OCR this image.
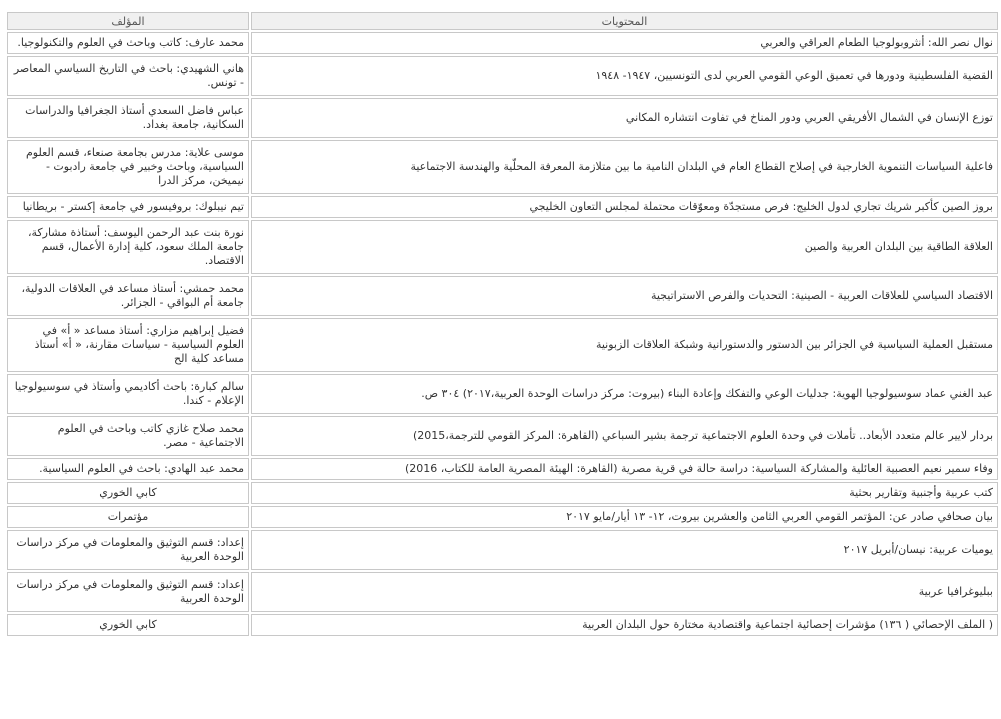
المحتويات	المؤلف
نوال نصر الله: أنثروبولوجيا الطعام العراقي والعربي	محمد عارف: كاتب وباحث في العلوم والتكنولوجيا.
القضية الفلسطينية ودورها في تعميق الوعي القومي العربي لدى التونسيين، ١٩٤٧- ١٩٤٨	هاني الشهيدي: باحث في التاريخ السياسي المعاصر - تونس.
توزع الإنسان في الشمال الأفريقي العربي ودور المناخ في تفاوت انتشاره المكاني	عباس فاضل السعدي أستاذ الجغرافيا والدراسات السكانية، جامعة بغداد.
فاعلية السياسات التنموية الخارجية في إصلاح القطاع العام في البلدان النامية ما بين متلازمة المعرفة المحلّية والهندسة الاجتماعية	موسى علاية: مدرس بجامعة صنعاء، قسم العلوم السياسية، وباحث وخبير في جامعة رادبوت - نيميخن، مركز الدرا
بروز الصين كأكبر شريك تجاري لدول الخليج: فرص مستجدّة ومعوّقات محتملة لمجلس التعاون الخليجي	تيم نيبلوك: بروفيسور في جامعة إكستر - بريطانيا
العلاقة الطاقية بين البلدان العربية والصين	نورة بنت عبد الرحمن اليوسف: أستاذة مشاركة، جامعة الملك سعود، كلية إدارة الأعمال، قسم الاقتصاد.
الاقتصاد السياسي للعلاقات العربية - الصينية: التحديات والفرص الاستراتيجية	محمد حمشي: أستاذ مساعد في العلاقات الدولية، جامعة أم البواقي - الجزائر.
مستقبل العملية السياسية في الجزائر بين الدستور والدستورانية وشبكة العلاقات الزبونية	فضيل إبراهيم مزاري: أستاذ مساعد « أ» في العلوم السياسية - سياسات مقارنة، « أ» أستاذ مساعد كلية الح
عبد الغني عماد سوسيولوجيا الهوية: جدليات الوعي والتفكك وإعادة البناء (بيروت: مركز دراسات الوحدة العربية،٢٠١٧) ٣٠٤ ص.	سالم كبارة: باحث أكاديمي وأستاذ في سوسيولوجيا الإعلام - كندا.
بردار لايير عالم متعدد الأبعاد.. تأملات في وحدة العلوم الاجتماعية ترجمة بشير السباعي (القاهرة: المركز القومي للترجمة،2015)	محمد صلاح غازي كاتب وباحث في العلوم الاجتماعية - مصر.
وفاء سمير نعيم العصبية العائلية والمشاركة السياسية: دراسة حالة في قرية مصرية (القاهرة: الهيئة المصرية العامة للكتاب، 2016)	محمد عبد الهادي: باحث في العلوم السياسية.
كتب عربية وأجنبية وتقارير بحثية	كابي الخوري
بيان صحافي صادر عن: المؤتمر القومي العربي الثامن والعشرين بيروت، ١٢- ١٣ أيار/مايو ٢٠١٧	مؤتمرات
يوميات عربية: نيسان/أبريل ٢٠١٧	إعداد: قسم التوثيق والمعلومات في مركز دراسات الوحدة العربية
ببليوغرافيا عربية	إعداد: قسم التوثيق والمعلومات في مركز دراسات الوحدة العربية
( الملف الإحصائي ( ١٣٦) مؤشرات إحصائية اجتماعية واقتصادية مختارة حول البلدان العربية	كابي الخوري
